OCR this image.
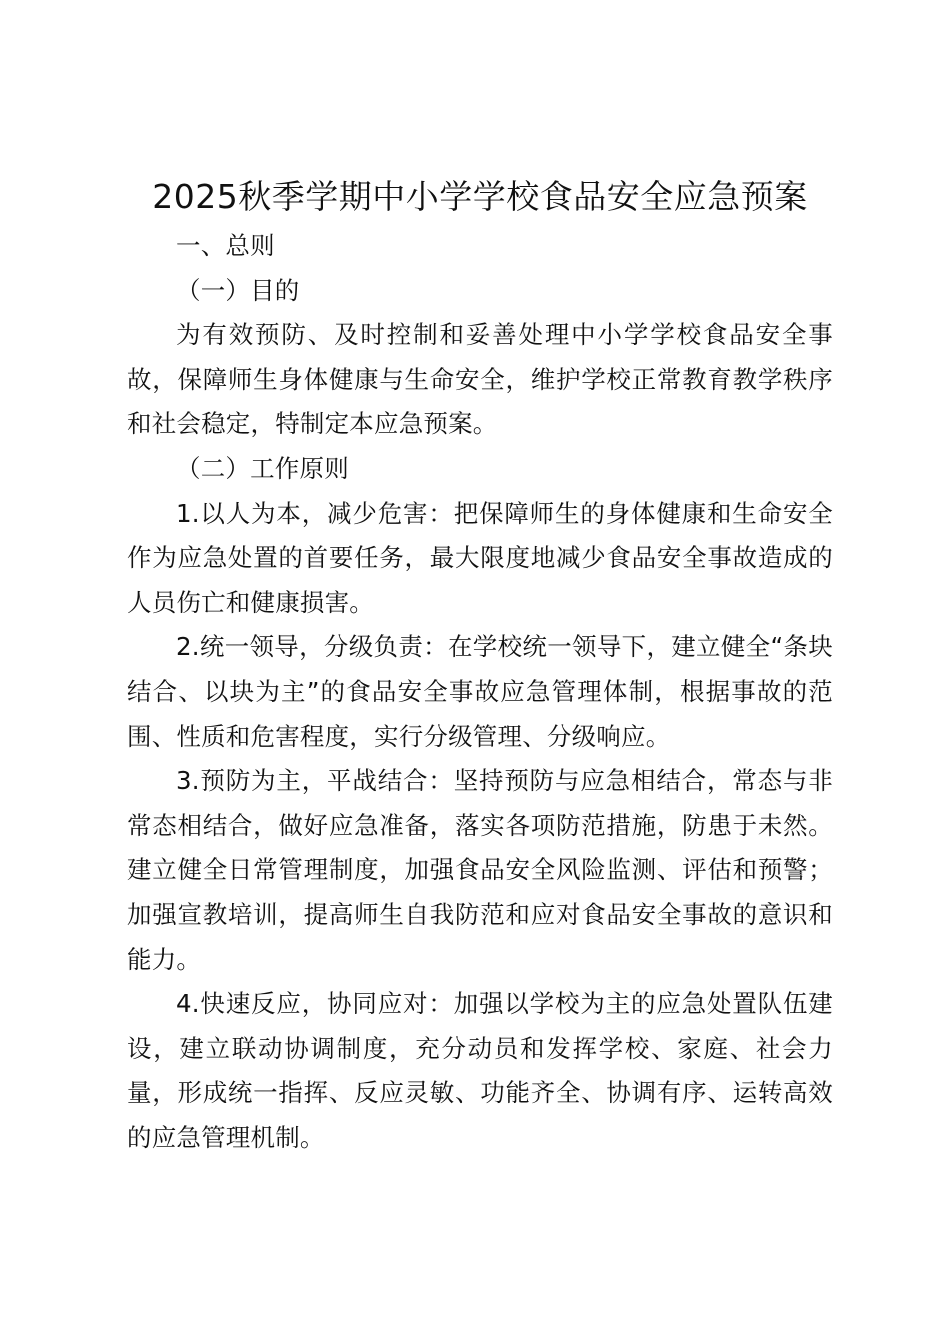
2025秋季学期中小学学校食品安全应急预案

一、总则

（一）目的

为有效预防、及时控制和妥善处理中小学学校食品安全事故，保障师生身体健康与生命安全，维护学校正常教育教学秩序和社会稳定，特制定本应急预案。

（二）工作原则

1.以人为本，减少危害：把保障师生的身体健康和生命安全作为应急处置的首要任务，最大限度地减少食品安全事故造成的人员伤亡和健康损害。

2.统一领导，分级负责：在学校统一领导下，建立健全“条块结合、以块为主”的食品安全事故应急管理体制，根据事故的范围、性质和危害程度，实行分级管理、分级响应。

3.预防为主，平战结合：坚持预防与应急相结合，常态与非常态相结合，做好应急准备，落实各项防范措施，防患于未然。建立健全日常管理制度，加强食品安全风险监测、评估和预警；加强宣教培训，提高师生自我防范和应对食品安全事故的意识和能力。

4.快速反应，协同应对：加强以学校为主的应急处置队伍建设，建立联动协调制度，充分动员和发挥学校、家庭、社会力量，形成统一指挥、反应灵敏、功能齐全、协调有序、运转高效的应急管理机制。
